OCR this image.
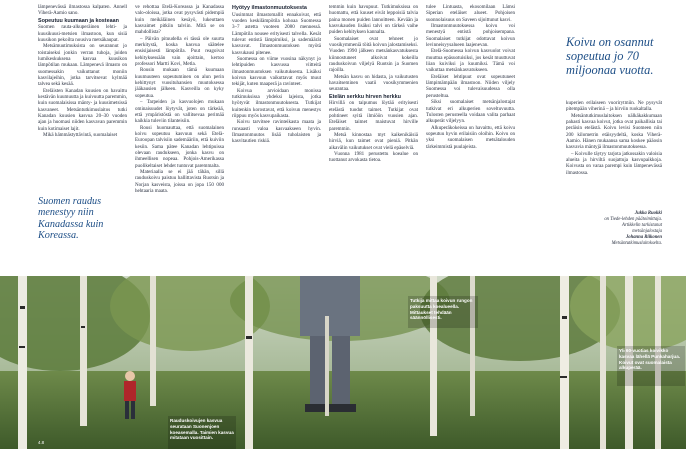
lämpenevässä ilmastossa kalpaten. Annell Viherä-Aamio sano.

Sopeutuu kuumaan ja kosteaan

Suomen rauta-alkuperäinen lehti- ja kuusikuusi-metsien ilmastoon, kun sisiä kuusikon pekoilta nousiva metsäkaupat.

Metsämuutimuksista on seurannut jo toistaiseksi jonkin verran tuhoja, joiden lumikeskuksena kasvaa kuusikon lämpötilan mukaan. Lämpenevä ilmasto on suomessakin vaikuttanut moniin kasvilajeihin, jotka tarvitsevat kylmää talvea sekä kesää.

Eteläisten Kanadan kuusien on havaittu kestävän kuumuutta ja kuivuutta paremmin, kuin suomalaisissa mänty- ja kuusimetsissä kasvaneet. Metsäntutkimuslaitos tutki Kanadan kuusien kasvua 20–30 vuoden ajan ja huomasi niiden kasvavan paremmin kuin kotimaiset lajit.

Mikä hämmästyttävintä, suomalaiset

Suomen raudus menestyy niin Kanadassa kuin Koreassa.

ve rehottaa Etelä-Koreassa ja Kanadassa valo-oloissa, jotka ovat pysyvästi pidempiä kuin meikäläinen kesäyö, lukeuttaen kasvaimet pitkiin talviin. Mitä se on mahdollista?

– Päivän pituudella ei tässä ole suurta merkitystä, koska kasvua säätelee ensisijaisesti lämpötila. Puut reagoivat kehityksessään vain ajoittain, kertoo professori Martti Kovi, Metla.

Rousin mukaan tämä kuumaan kuumuuteen sopeutuminen on alun perin kehittynyt vuosituhansien muutoksessa jääkausien jälkeen. Kasveilla on kyky sopeutua.

– Tarpeiden ja kasvuolojen mukaan ominaisuudet löytyvät, joten on tärkeää, että ympäristöstä on vallitsevaa perimää kaikkia tuleviin tilanteisiin.

Rousi huomauttaa, että suomalainen koivu sopeutuu kasvuun sekä Etelä-Euroopan talvisiin sademääriin, että kuiviin kesiin. Sama pätee Kanadan lehtipuissa olevaan raudukseen, jonka kasvu on ihmeellisen nopeaa. Pohjois-Amerikassa puolikeltaiset lehdet tuntuvat paremmalta.

Materiaalia se ei jää tähän, sillä rauduskoivu paistuu hallittavista Ruotsin ja Norjan kasveista, joissa on jopa 150 000 hehtaaria maata.

Hyötyy ilmastonmuutoksesta

Uusimmat ilmastomallit ennakoivat, että vuoden keskilämpötila kohoaa Suomessa 3–7 astetta vuoteen 2080 mennessä. Lämpötila nousee erityisesti talvella. Kesät tulevat entistä lämpimiksi, ja sademäärät kasvavat. Ilmastonmuutoksen myötä kasvukausi pitenee.

Suomessa on viime vuosina näkynyt jo lehtipuiden kasvussa viitteitä ilmastonmuutoksen vaikutuksesta. Lisäksi koivun kasvuun vaikuttavat myös muut tekijät, kuten maaperä ja ravinteet.

Koivua arvioidaan monissa tutkimuksissa yhdeksi lajeista, jotka hyötyvät ilmastonmuutoksesta. Tutkijat kuitenkin korostavat, että koivun menestys riippuu myös kasvupaikasta.

Koivu tarvitsee ravinteikasta maata ja runsaasti valoa kasvaakseen hyvin. Ilmastonmuutos lisää tuholaisten ja kasvitautien riskiä.

temmin kuin havupuut. Tutkimuksissa on huomattu, että kuuset eivät leppoisiä talvia paina monen puiden lannoitteen. Kevään ja kasvukauden lisäksi talvi on tärkeä vaihe puiden kehityksen kannalta.

Suomalaiset ovat tehneet jo vuosikymmeniä töitä koivun jalostamiseksi. Vuoden 1990 jälkeen metsänkasvatuksesta kiinnostuneet alkoivat kokeilla rauduskoivun viljelyä Ruotsin ja Suomen rajoilla.

Metsän kasvu on hidasta, ja vaikutusten havaitseminen vaatii vuosikymmenien seurantaa.

Etelän serkku hirven herkku

Hirvillä on taipumus löytää erityisesti etelästä tuodut taimet. Tutkijat ovat pohtineet syitä ilmiöön vuosien ajan. Eteläiset taimet maistuvat hirville paremmin.

Metsä kinnostaa myt kaikenikäisiä hirviä, kun taimet ovat pieniä. Pitkän aikavälin vaikutukset ovat vielä epäselviä.

Vuonna 1981 perustettu koealue on tuottanut arvokasta tietoa.

tulee Lintuasta, ekosomilaan Lämsi Siperian eteläiset alueet. Pohjoisen suonnolaisuus on Saveen sijoittunut kasvi.

Ilmastonmuutoksessa koivu voi menestyä entistä pohjoisempana. Suomalaiset tutkijat odottavat koivun levinneisyysalueen laajenevan.

Etelä-Suomessa koivun kasvuolot voivat muuttua epäsuotuisiksi, jos kesät muuttuvat liian kuiviksi ja kuumiksi. Tämä voi vaikuttaa metsänkasvatukseen.

Eteläiset lehtipuut ovat sopeutuneet lämpimämpään ilmastoon. Niiden viljely Suomessa voi tulevaisuudessa olla perusteltua.

Siksi suomalaiset metsänjalostajat tutkivat eri alkuperien soveltuvuutta. Tulosten perusteella voidaan valita parhaat alkuperät viljelyyn.

Alkuperäkokeissa on havaittu, että koivu sopeutuu hyvin erilaisiin oloihin. Koivu on yksi suomalaisen metsätalouden tärkeimmistä puulajeista.

Koivu on osannut sopeutua jo 70 miljoonaa vuotta.

kuperien erilaiseen vuorirytmiin. Ne pysyvät pitempään viherinä – ja hirviin ruokaltalla.

Metsäntutkimuslaitoksen nälkäkakkumaan pahasti kasvaa koivut, jotka ovat paikallisia tai peräisin etelästä. Koivu levisi Suomeen niin 200 kilometrin etäisyydeltä, koska Viherä-Aamio. Hänen mukaansa sama koskee pääosin kasvavia mäntyjä ilmastonmuutoksessa.

– Koivulle täytyy tarjota jatkossakin valoisia alueita ja hirviltä suojattuja kasvupaikkoja. Koivusta on varaa parempi kuin lämpenevässä ilmastossa.

Jukka Ruokki
on Tiede-lehden päätoimittaja.
Artikkelin tarkistanut
metsänjalostaja
Johanna Riikonen
Metsäntutkimuslaitokselta.
Rauduskoivujen kasvua seurataan Suonenjoen koeasemalla. Taimien kasvua mitataan vuosittain.
Tutkija mittaa koivun rungon paksuutta koealueella. Mittaukset tehdään säännöllisesti.
Yli 60-vuotias koivikko kasvaa lähellä Punkaharjua. Koivut ovat suomalaista alkuperää.
4.8
